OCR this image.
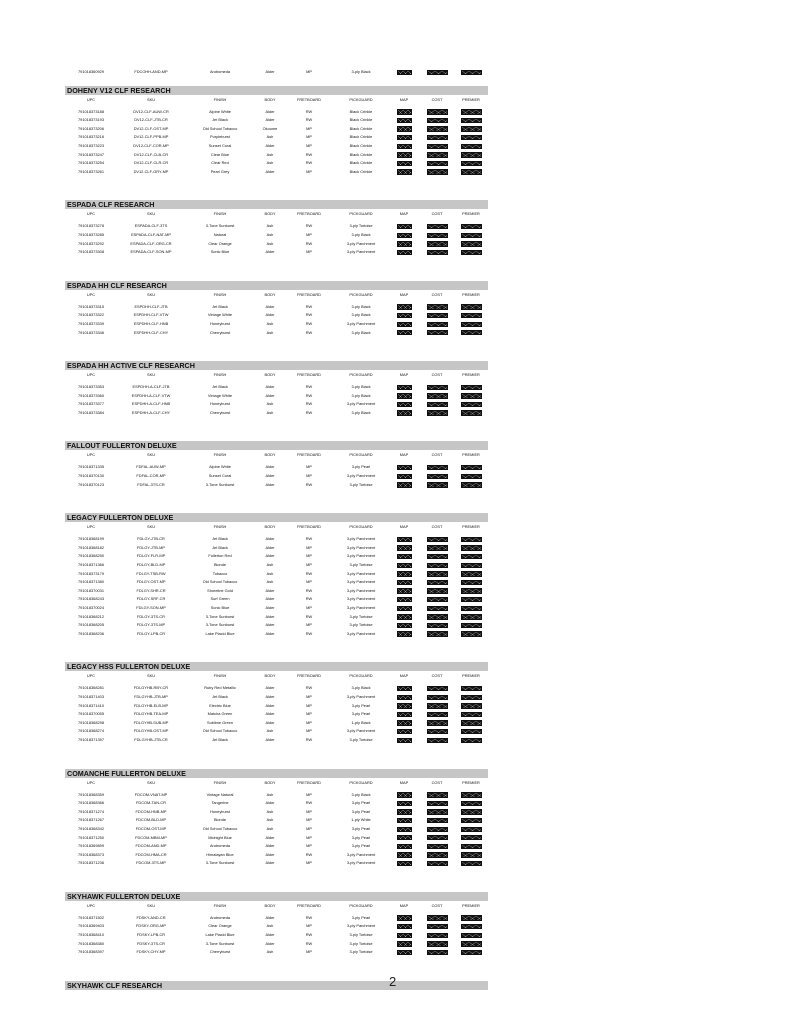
791018360929	FDCOHH-AND-MP	Andromeda	Alder	MP	3-ply Black
DOHENY V12 CLF RESEARCH
UPC	SKU	FINISH	BODY	FRETBOARD	PICKGUARD	MAP	COST	PREMIER
791018373188	DV12-CLF-AUW-CR	Alpine White	Alder	RW	Black Crinkle
791018373193	DV12-CLF-JTB-CR	Jet Black	Alder	RW	Black Crinkle
791018373206	DV12-CLF-OST-MP	Old School Tobacco	Okoume	MP	Black Crinkle
791018373216	DV12-CLF-PPB-MP	Purpleburst	Ash	MP	Black Crinkle
791018373223	DV12-CLF-COR-MP	Sunset Coral	Alder	MP	Black Crinkle
791018373247	DV12-CLF-CLB-CR	Clear Blue	Ash	RW	Black Crinkle
791018373254	DV12-CLF-CLR-CR	Clear Red	Ash	RW	Black Crinkle
791018373261	DV12-CLF-GRY-MP	Pearl Grey	Alder	MP	Black Crinkle
ESPADA CLF RESEARCH
UPC	SKU	FINISH	BODY	FRETBOARD	PICKGUARD	MAP	COST	PREMIER
791018373278	ESPADA-CLF-3TS	3-Tone Sunburst	Ash	RW	3-ply Tortoise
791018373285	ESPADA-CLF-NAT-MP	Natural	Ash	MP	3-ply Black
791018373292	ESPADA-CLF-ORG-CR	Clear Orange	Ash	RW	3-ply Parchment
791018373308	ESPADA-CLF-SON-MP	Sonic Blue	Alder	MP	3-ply Parchment
ESPADA HH CLF RESEARCH
UPC	SKU	FINISH	BODY	FRETBOARD	PICKGUARD	MAP	COST	PREMIER
791018373315	ESPDHH-CLF-JTB	Jet Black	Alder	RW	3-ply Black
791018373322	ESPDHH-CLF-VTW	Vintage White	Alder	RW	3-ply Black
791018373339	ESPDHH-CLF-HNB	Honeyburst	Ash	RW	3-ply Parchment
791018373346	ESPDHH-CLF-CHY	Cherryburst	Ash	RW	3-ply Black
ESPADA HH ACTIVE CLF RESEARCH
UPC	SKU	FINISH	BODY	FRETBOARD	PICKGUARD	MAP	COST	PREMIER
791018373353	ESPDHH-A-CLF-JTB	Jet Black	Alder	RW	3-ply Black
791018373360	ESPDHH-A-CLF-VTW	Vintage White	Alder	RW	3-ply Black
791018373377	ESPDHH-A-CLF-HNB	Honeyburst	Ash	RW	3-ply Parchment
791018373384	ESPDHH-A-CLF-CHY	Cherryburst	Ash	RW	3-ply Black
FALLOUT FULLERTON DELUXE
UPC	SKU	FINISH	BODY	FRETBOARD	PICKGUARD	MAP	COST	PREMIER
791018371335	FDFAL-AUW-MP	Alpine White	Alder	MP	3-ply Pearl
791018370130	FDFAL-COR-MP	Sunset Coral	Alder	MP	3-ply Parchment
791018370123	FDFAL-3TS-CR	3-Tone Sunburst	Alder	RW	3-ply Tortoise
LEGACY FULLERTON DELUXE
UPC	SKU	FINISH	BODY	FRETBOARD	PICKGUARD	MAP	COST	PREMIER
791018368199	FDLGY-JTB-CR	Jet Black	Alder	RW	3-ply Parchment
791018368182	FDLGY-JTB-MP	Jet Black	Alder	MP	3-ply Parchment
791018368250	FDLGY-FLR-MP	Fullerton Red	Alder	MP	3-ply Parchment
791018371366	FDLGY-BLD-MP	Blonde	Ash	MP	3-ply Tortoise
791018373179	FDLGY-TSB-RW	Tobacco	Ash	RW	3-ply Parchment
791018371380	FDLGY-OST-MP	Old School Tobacco	Ash	MP	3-ply Parchment
791018370031	FDLGY-SHR-CR	Shoreline Gold	Alder	RW	3-ply Parchment
791018368243	FDLGY-SRF-CR	Surf Green	Alder	RW	3-ply Parchment
791018370024	FDLGY-SON-MP	Sonic Blue	Alder	MP	3-ply Parchment
791018368212	FDLGY-3TS-CR	3-Tone Sunburst	Alder	RW	3-ply Tortoise
791018368205	FDLGY-3TS-MP	3-Tone Sunburst	Alder	MP	3-ply Tortoise
791018368236	FDLGY-LPB-CR	Lake Placid Blue	Alder	RW	3-ply Parchment
LEGACY HSS FULLERTON DELUXE
UPC	SKU	FINISH	BODY	FRETBOARD	PICKGUARD	MAP	COST	PREMIER
791018368281	FDLGYHB-RBY-CR	Ruby Red Metallic	Alder	RW	3-ply Black
791018371403	FDLGYHB-JTB-MP	Jet Black	Alder	MP	3-ply Parchment
791018371410	FDLGYHB-ELB-MP	Electric Blue	Alder	MP	3-ply Pearl
791018370055	FDLGYHB-TEA-MP	Matcha Green	Alder	MP	3-ply Pearl
791018368298	FDLGYHB-SUB-MP	Sublime Green	Alder	MP	1-ply Black
791018368274	FDLGYHB-OST-MP	Old School Tobacco	Ash	MP	3-ply Parchment
791018371397	FDLGYHB-JTB-CR	Jet Black	Alder	RW	3-ply Tortoise
COMANCHE FULLERTON DELUXE
UPC	SKU	FINISH	BODY	FRETBOARD	PICKGUARD	MAP	COST	PREMIER
791018368359	FDCOM-VNAT-MP	Vintage Natural	Ash	MP	3-ply Black
791018368366	FDCOM-TAN-CR	Tangerine	Alder	RW	3-ply Pearl
791018371274	FDCOM-HNB-MP	Honeyburst	Ash	MP	3-ply Pearl
791018371267	FDCOM-BLD-MP	Blonde	Ash	MP	1-ply White
791018368342	FDCOM-OST-MP	Old School Tobacco	Ash	MP	3-ply Pearl
791018371250	FDCOM-MBM-MP	Midnight Blue	Alder	MP	3-ply Pearl
791018369899	FDCOM-AND-MP	Andromeda	Alder	MP	3-ply Pearl
791018368373	FDCOM-HMA-CR	Himalayan Blue	Alder	RW	3-ply Parchment
791018371236	FDCOM-3TS-MP	3-Tone Sunburst	Alder	MP	3-ply Parchment
SKYHAWK FULLERTON DELUXE
UPC	SKU	FINISH	BODY	FRETBOARD	PICKGUARD	MAP	COST	PREMIER
791018371502	FDSKY-AND-CR	Andromeda	Alder	RW	3-ply Pearl
791018369403	FDSKY-ORG-MP	Clear Orange	Ash	MP	3-ply Parchment
791018368410	FDSKY-LPB-CR	Lake Placid Blue	Alder	RW	3-ply Tortoise
791018368380	FDSKY-3TS-CR	3-Tone Sunburst	Alder	RW	3-ply Tortoise
791018368397	FDSKY-CHY-MP	Cherryburst	Ash	MP	3-ply Tortoise
SKYHAWK CLF RESEARCH	2
